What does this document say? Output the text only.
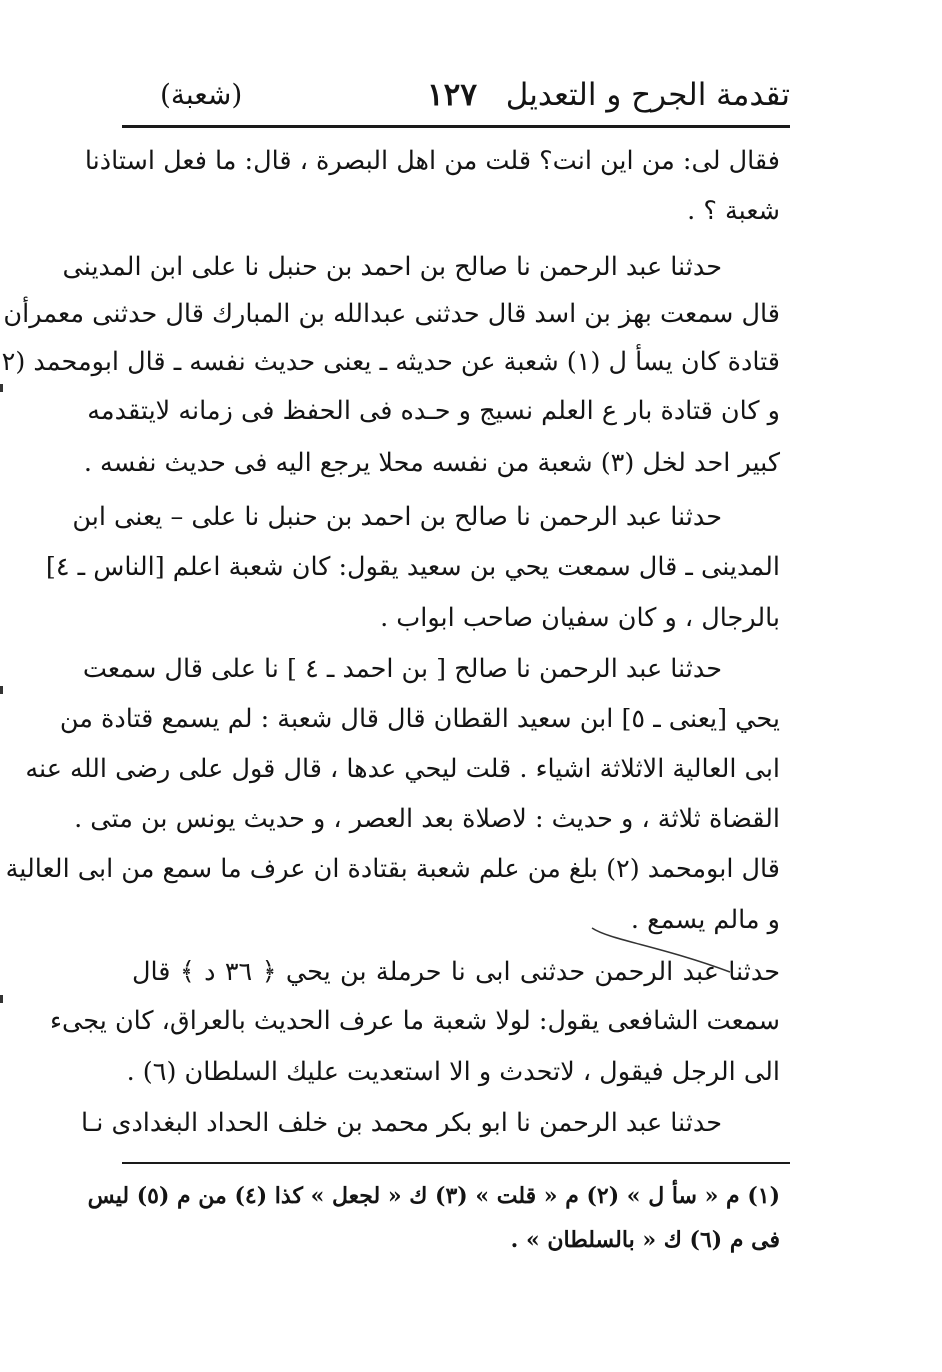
تقدمة الجرح و التعديل
١٢٧
(شعبة)
فقال لى: من اين انت؟ قلت من اهل البصرة ، قال: ما فعل استاذنا
شعبة ؟ .
حدثنا عبد الرحمن نا صالح بن احمد بن حنبل نا على ابن المدينى
قال سمعت بهز بن اسد قال حدثنى عبدالله بن المبارك قال حدثنى معمرأن
قتادة كان يسأ ل (١) شعبة عن حديثه ـ يعنى حديث نفسه ـ قال ابومحمد (٢
و كان قتادة بار ع العلم نسيج و حـده فى الحفظ فى زمانه لايتقدمه
كبير احد لخل (٣) شعبة من نفسه محلا يرجع اليه فى حديث نفسه .
حدثنا عبد الرحمن نا صالح بن احمد بن حنبل نا على – يعنى ابن
المدينى ـ قال سمعت يحي بن سعيد يقول: كان شعبة اعلم [الناس ـ ٤]
بالرجال ، و كان سفيان صاحب ابواب .
حدثنا عبد الرحمن نا صالح [ بن احمد ـ ٤ ] نا على قال سمعت
يحي [يعنى ـ ٥] ابن سعيد القطان قال قال شعبة : لم يسمع قتادة من
ابى العالية الاثلاثة اشياء . قلت ليحي عدها ، قال قول على رضى الله عنه
القضاة ثلاثة ، و حديث : لاصلاة بعد العصر ، و حديث يونس بن متى .
قال ابومحمد (٢) بلغ من علم شعبة بقتادة ان عرف ما سمع من ابى العالية
و مالم يسمع .
حدثنا عبد الرحمن حدثنى ابى نا حرملة بن يحي ﴿ ٣٦ د ﴾ قال
سمعت الشافعى يقول: لولا شعبة ما عرف الحديث بالعراق، كان يجىء
الى الرجل فيقول ، لاتحدث و الا استعديت عليك السلطان (٦) .
حدثنا عبد الرحمن نا ابو بكر محمد بن خلف الحداد البغدادى نـا
(١) م « سأ ل » (٢) م « قلت » (٣) ك « لجعل » كذا (٤) من م (٥) ليس
فى م (٦) ك « بالسلطان » .
